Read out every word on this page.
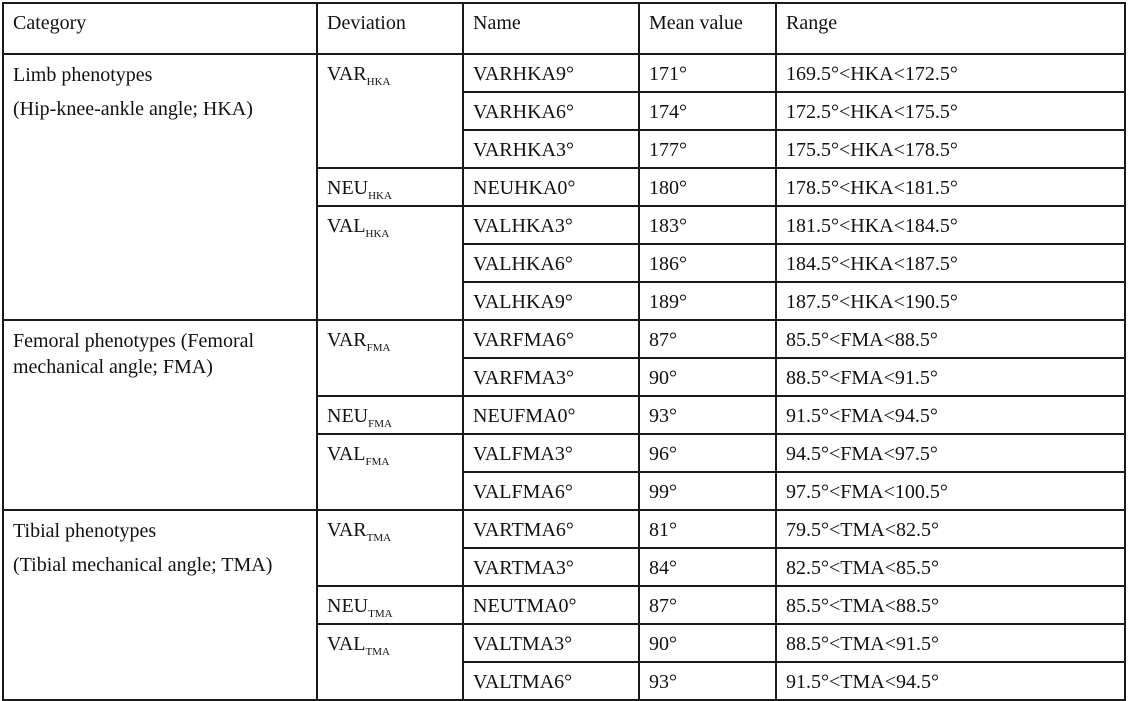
Category	Deviation	Name	Mean value	Range
Limb phenotypes
(Hip-knee-ankle angle; HKA)	$VAR_{HKA}$	VARHKA9°	171°	169.5°<HKA<172.5°
		VARHKA6°	174°	172.5°<HKA<175.5°
		VARHKA3°	177°	175.5°<HKA<178.5°
	$NEU_{HKA}$	NEUHKA0°	180°	178.5°<HKA<181.5°
	$VAL_{HKA}$	VALHKA3°	183°	181.5°<HKA<184.5°
		VALHKA6°	186°	184.5°<HKA<187.5°
		VALHKA9°	189°	187.5°<HKA<190.5°
Femoral phenotypes (Femoral mechanical angle; FMA)	$VAR_{FMA}$	VARFMA6°	87°	85.5°<FMA<88.5°
		VARFMA3°	90°	88.5°<FMA<91.5°
	$NEU_{FMA}$	NEUFMA0°	93°	91.5°<FMA<94.5°
	$VAL_{FMA}$	VALFMA3°	96°	94.5°<FMA<97.5°
		VALFMA6°	99°	97.5°<FMA<100.5°
Tibial phenotypes
(Tibial mechanical angle; TMA)	$VAR_{TMA}$	VARTMA6°	81°	79.5°<TMA<82.5°
		VARTMA3°	84°	82.5°<TMA<85.5°
	$NEU_{TMA}$	NEUTMA0°	87°	85.5°<TMA<88.5°
	$VAL_{TMA}$	VALTMA3°	90°	88.5°<TMA<91.5°
		VALTMA6°	93°	91.5°<TMA<94.5°
